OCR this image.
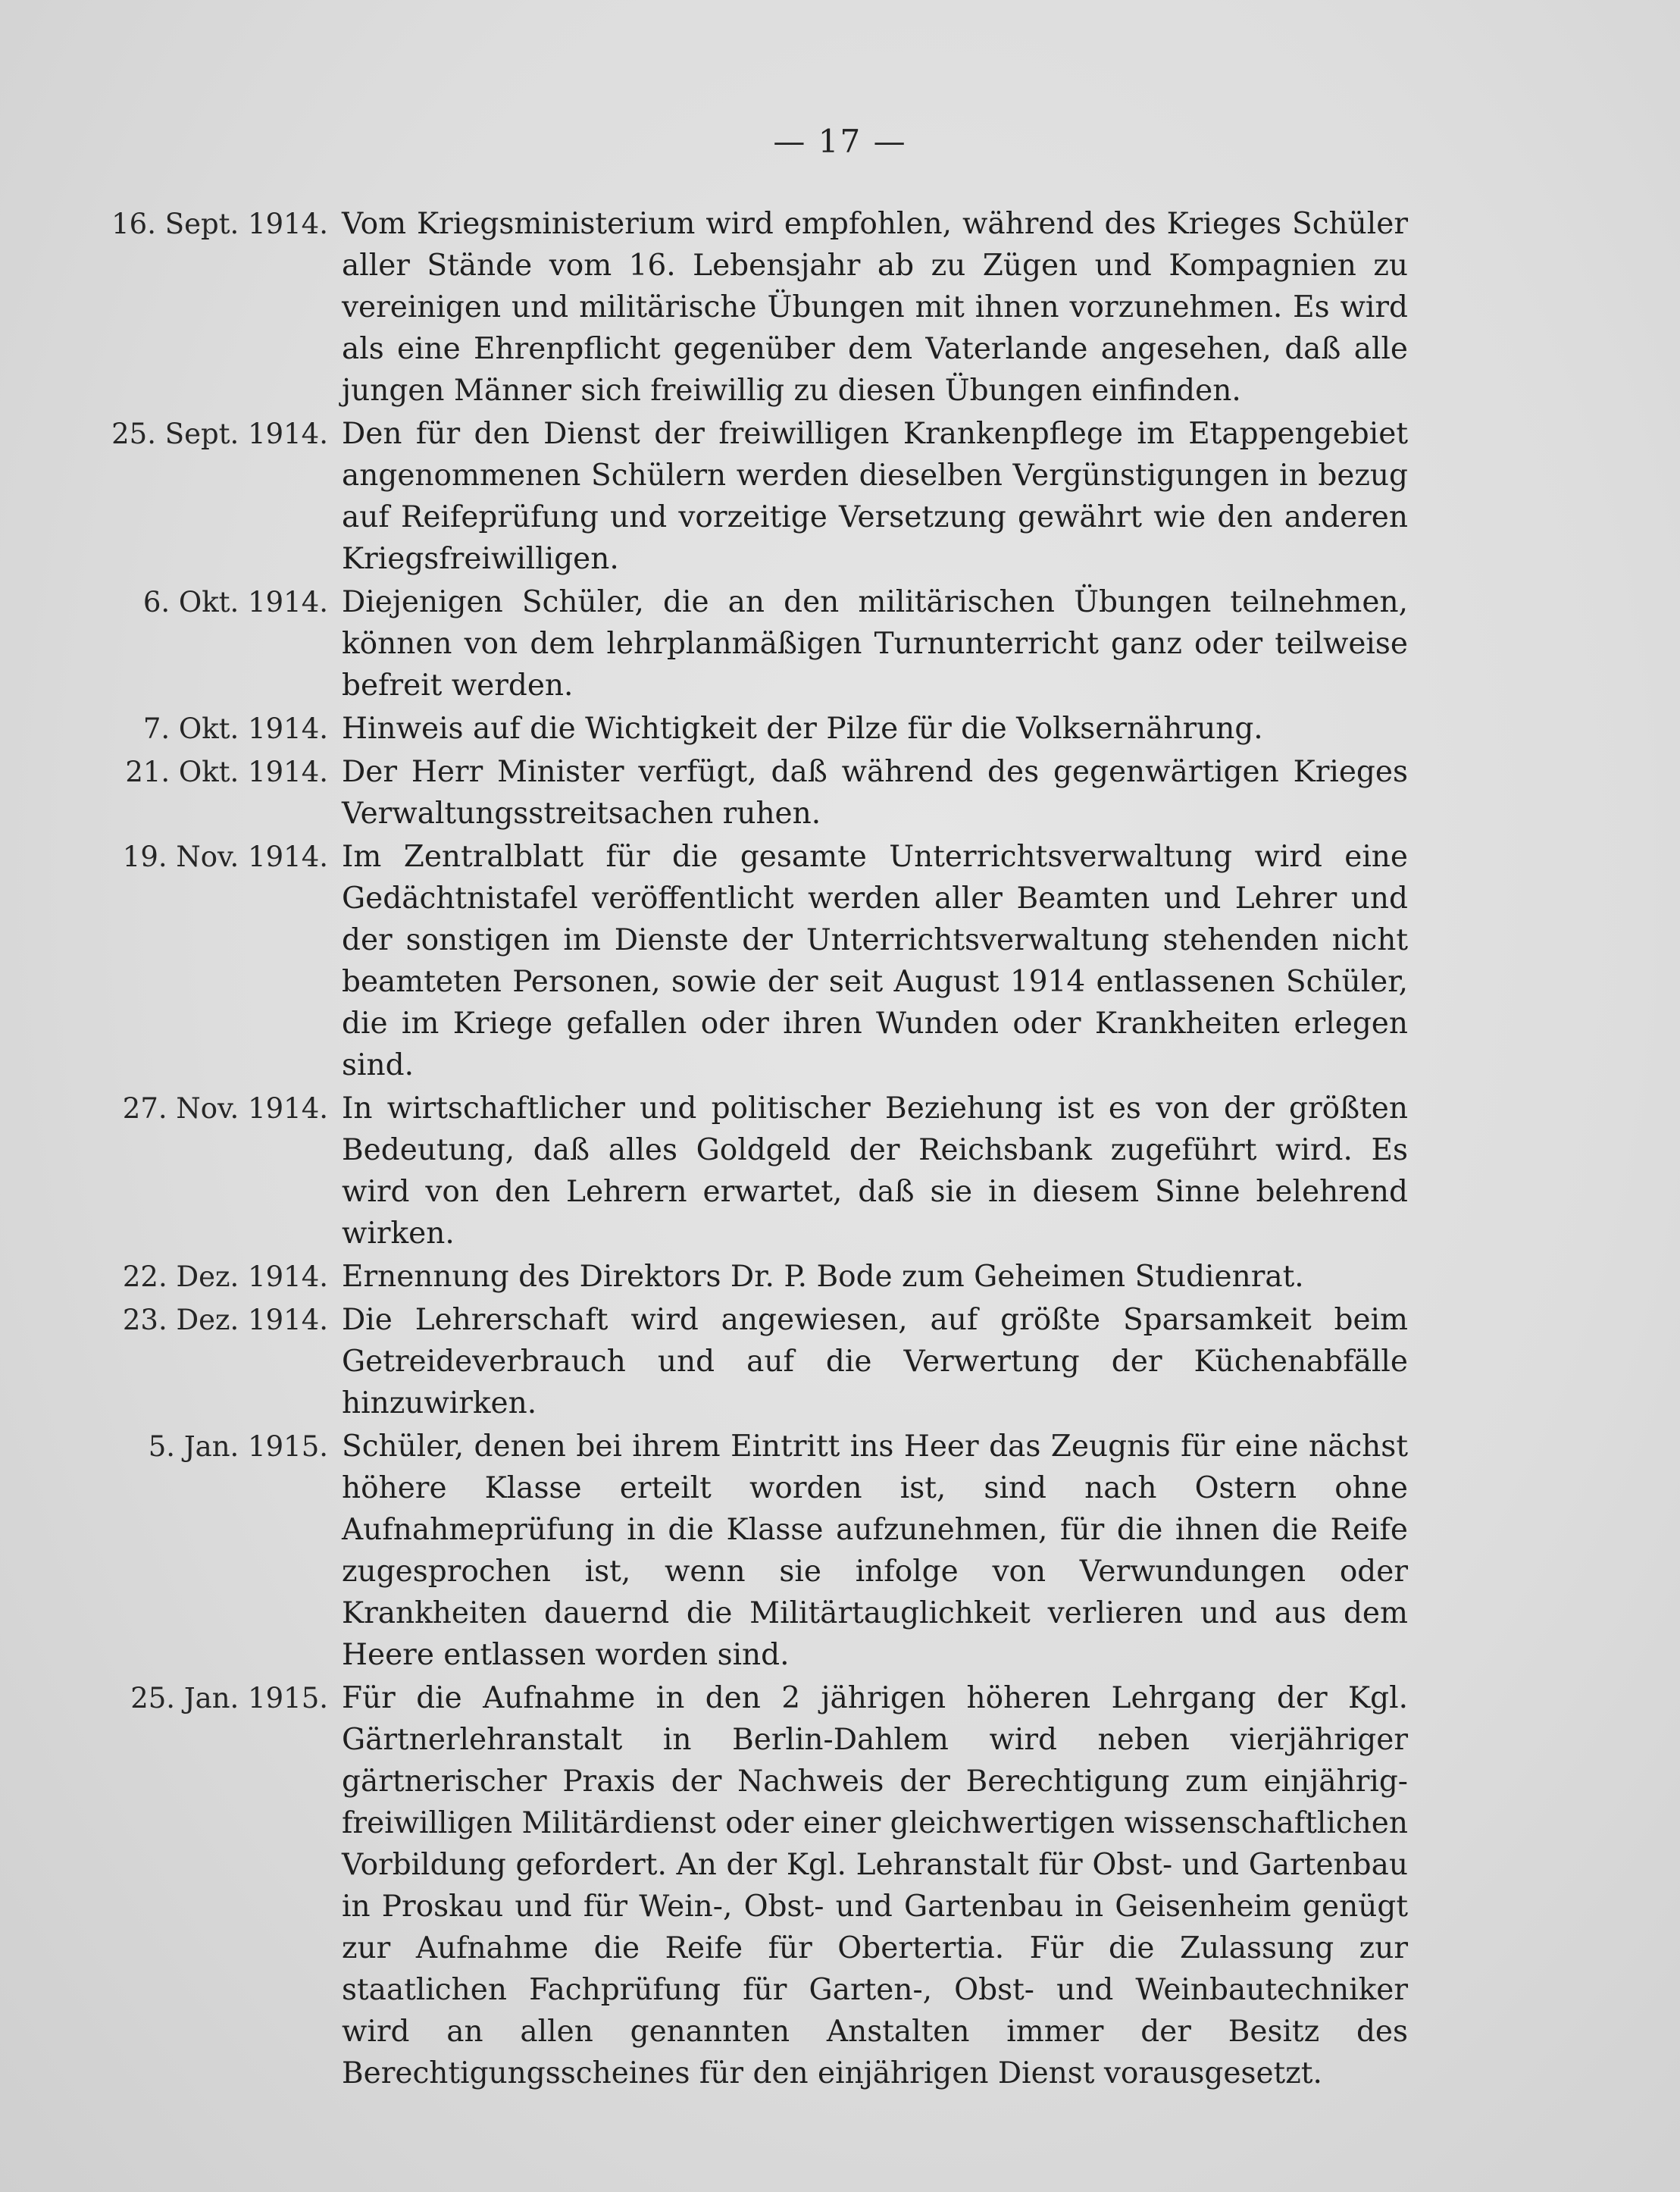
— 17 —
16. Sept. 1914. Vom Kriegsministerium wird empfohlen, während des Krieges Schüler aller Stände vom 16. Lebensjahr ab zu Zügen und Kompagnien zu vereinigen und militärische Übungen mit ihnen vorzunehmen. Es wird als eine Ehrenpflicht gegenüber dem Vaterlande angesehen, daß alle jungen Männer sich freiwillig zu diesen Übungen einfinden.
25. Sept. 1914. Den für den Dienst der freiwilligen Krankenpflege im Etappengebiet angenommenen Schülern werden dieselben Vergünstigungen in bezug auf Reifeprüfung und vorzeitige Versetzung gewährt wie den anderen Kriegsfreiwilligen.
6. Okt. 1914. Diejenigen Schüler, die an den militärischen Übungen teilnehmen, können von dem lehrplanmäßigen Turnunterricht ganz oder teilweise befreit werden.
7. Okt. 1914. Hinweis auf die Wichtigkeit der Pilze für die Volksernährung.
21. Okt. 1914. Der Herr Minister verfügt, daß während des gegenwärtigen Krieges Verwaltungsstreitsachen ruhen.
19. Nov. 1914. Im Zentralblatt für die gesamte Unterrichtsverwaltung wird eine Gedächtnistafel veröffentlicht werden aller Beamten und Lehrer und der sonstigen im Dienste der Unterrichtsverwaltung stehenden nicht beamteten Personen, sowie der seit August 1914 entlassenen Schüler, die im Kriege gefallen oder ihren Wunden oder Krankheiten erlegen sind.
27. Nov. 1914. In wirtschaftlicher und politischer Beziehung ist es von der größten Bedeutung, daß alles Goldgeld der Reichsbank zugeführt wird. Es wird von den Lehrern erwartet, daß sie in diesem Sinne belehrend wirken.
22. Dez. 1914. Ernennung des Direktors Dr. P. Bode zum Geheimen Studienrat.
23. Dez. 1914. Die Lehrerschaft wird angewiesen, auf größte Sparsamkeit beim Getreideverbrauch und auf die Verwertung der Küchenabfälle hinzuwirken.
5. Jan. 1915. Schüler, denen bei ihrem Eintritt ins Heer das Zeugnis für eine nächst höhere Klasse erteilt worden ist, sind nach Ostern ohne Aufnahmeprüfung in die Klasse aufzunehmen, für die ihnen die Reife zugesprochen ist, wenn sie infolge von Verwundungen oder Krankheiten dauernd die Militärtauglichkeit verlieren und aus dem Heere entlassen worden sind.
25. Jan. 1915. Für die Aufnahme in den 2 jährigen höheren Lehrgang der Kgl. Gärtnerlehranstalt in Berlin-Dahlem wird neben vierjähriger gärtnerischer Praxis der Nachweis der Berechtigung zum einjährig-freiwilligen Militärdienst oder einer gleichwertigen wissenschaftlichen Vorbildung gefordert. An der Kgl. Lehranstalt für Obst- und Gartenbau in Proskau und für Wein-, Obst- und Gartenbau in Geisenheim genügt zur Aufnahme die Reife für Obertertia. Für die Zulassung zur staatlichen Fachprüfung für Garten-, Obst- und Weinbautechniker wird an allen genannten Anstalten immer der Besitz des Berechtigungsscheines für den einjährigen Dienst vorausgesetzt.
